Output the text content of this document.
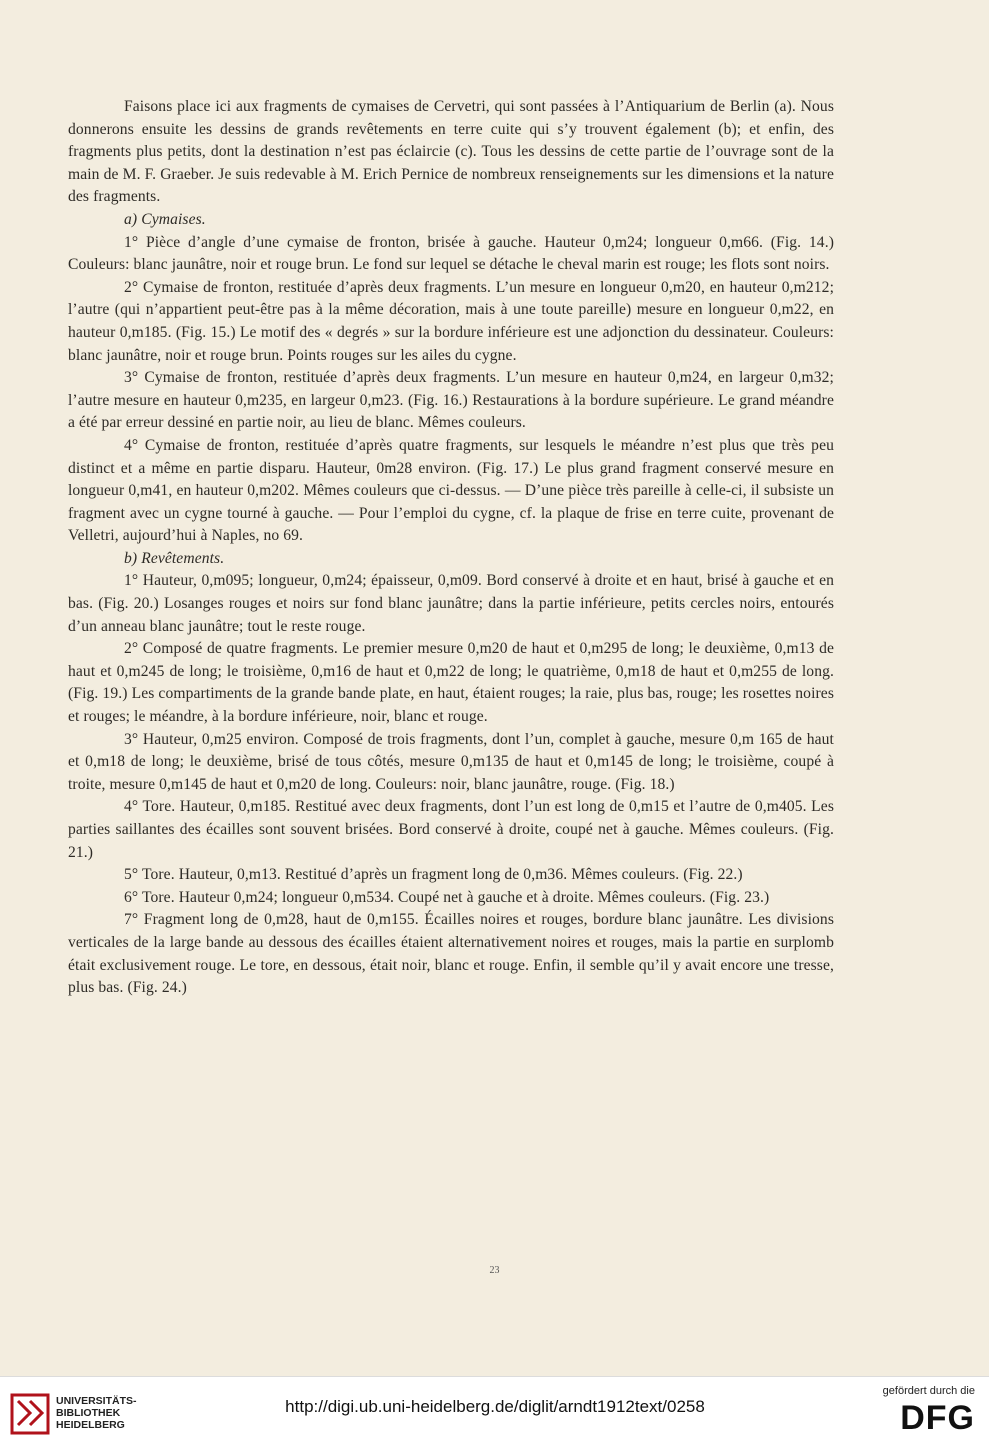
Faisons place ici aux fragments de cymaises de Cervetri, qui sont passées à l’Antiquarium de Berlin (a). Nous donnerons ensuite les dessins de grands revêtements en terre cuite qui s’y trouvent également (b); et enfin, des fragments plus petits, dont la destination n’est pas éclaircie (c). Tous les dessins de cette partie de l’ouvrage sont de la main de M. F. Graeber. Je suis redevable à M. Erich Pernice de nombreux renseignements sur les dimensions et la nature des fragments.

a) Cymaises.

1° Pièce d’angle d’une cymaise de fronton, brisée à gauche. Hauteur 0,m24; longueur 0,m66. (Fig. 14.) Couleurs: blanc jaunâtre, noir et rouge brun. Le fond sur lequel se détache le cheval marin est rouge; les flots sont noirs.

2° Cymaise de fronton, restituée d’après deux fragments. L’un mesure en longueur 0,m20, en hauteur 0,m212; l’autre (qui n’appartient peut-être pas à la même décoration, mais à une toute pareille) mesure en longueur 0,m22, en hauteur 0,m185. (Fig. 15.) Le motif des « degrés » sur la bordure inférieure est une adjonction du dessinateur. Couleurs: blanc jaunâtre, noir et rouge brun. Points rouges sur les ailes du cygne.

3° Cymaise de fronton, restituée d’après deux fragments. L’un mesure en hauteur 0,m24, en largeur 0,m32; l’autre mesure en hauteur 0,m235, en largeur 0,m23. (Fig. 16.) Restaurations à la bordure supérieure. Le grand méandre a été par erreur dessiné en partie noir, au lieu de blanc. Mêmes couleurs.

4° Cymaise de fronton, restituée d’après quatre fragments, sur lesquels le méandre n’est plus que très peu distinct et a même en partie disparu. Hauteur, 0m28 environ. (Fig. 17.) Le plus grand fragment conservé mesure en longueur 0,m41, en hauteur 0,m202. Mêmes couleurs que ci-dessus. — D’une pièce très pareille à celle-ci, il subsiste un fragment avec un cygne tourné à gauche. — Pour l’emploi du cygne, cf. la plaque de frise en terre cuite, provenant de Velletri, aujourd’hui à Naples, no 69.

b) Revêtements.

1° Hauteur, 0,m095; longueur, 0,m24; épaisseur, 0,m09. Bord conservé à droite et en haut, brisé à gauche et en bas. (Fig. 20.) Losanges rouges et noirs sur fond blanc jaunâtre; dans la partie inférieure, petits cercles noirs, entourés d’un anneau blanc jaunâtre; tout le reste rouge.

2° Composé de quatre fragments. Le premier mesure 0,m20 de haut et 0,m295 de long; le deuxième, 0,m13 de haut et 0,m245 de long; le troisième, 0,m16 de haut et 0,m22 de long; le quatrième, 0,m18 de haut et 0,m255 de long. (Fig. 19.) Les compartiments de la grande bande plate, en haut, étaient rouges; la raie, plus bas, rouge; les rosettes noires et rouges; le méandre, à la bordure inférieure, noir, blanc et rouge.

3° Hauteur, 0,m25 environ. Composé de trois fragments, dont l’un, complet à gauche, mesure 0,m 165 de haut et 0,m18 de long; le deuxième, brisé de tous côtés, mesure 0,m135 de haut et 0,m145 de long; le troisième, coupé à troite, mesure 0,m145 de haut et 0,m20 de long. Couleurs: noir, blanc jaunâtre, rouge. (Fig. 18.)

4° Tore. Hauteur, 0,m185. Restitué avec deux fragments, dont l’un est long de 0,m15 et l’autre de 0,m405. Les parties saillantes des écailles sont souvent brisées. Bord conservé à droite, coupé net à gauche. Mêmes couleurs. (Fig. 21.)

5° Tore. Hauteur, 0,m13. Restitué d’après un fragment long de 0,m36. Mêmes couleurs. (Fig. 22.)

6° Tore. Hauteur 0,m24; longueur 0,m534. Coupé net à gauche et à droite. Mêmes couleurs. (Fig. 23.)

7° Fragment long de 0,m28, haut de 0,m155. Écailles noires et rouges, bordure blanc jaunâtre. Les divisions verticales de la large bande au dessous des écailles étaient alternativement noires et rouges, mais la partie en surplomb était exclusivement rouge. Le tore, en dessous, était noir, blanc et rouge. Enfin, il semble qu’il y avait encore une tresse, plus bas. (Fig. 24.)

23
UNIVERSITÄTS-
BIBLIOTHEK
HEIDELBERG
http://digi.ub.uni-heidelberg.de/diglit/arndt1912text/0258
gefördert durch die
DFG
